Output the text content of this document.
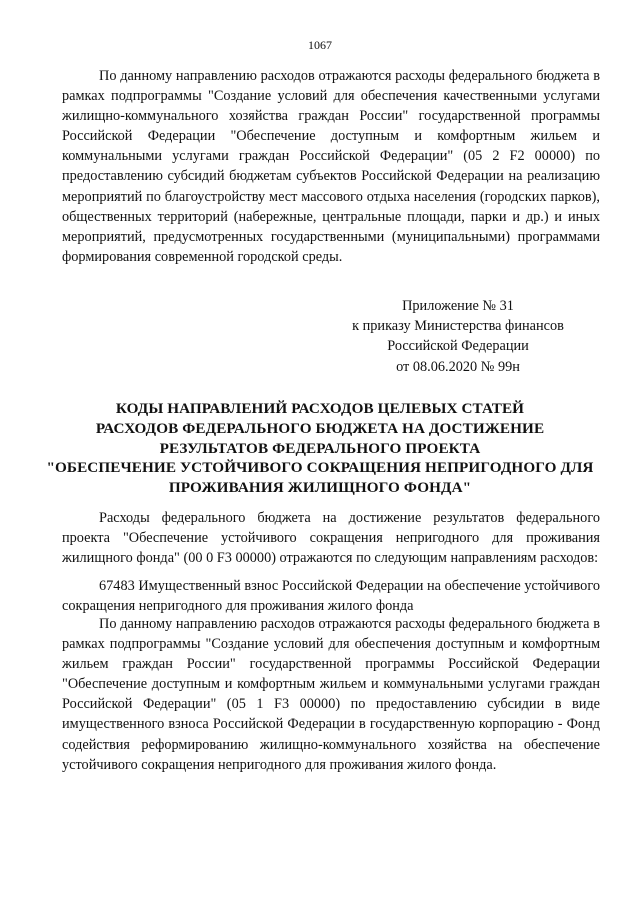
1067

По данному направлению расходов отражаются расходы федерального бюджета в рамках подпрограммы "Создание условий для обеспечения качественными услугами жилищно-коммунального хозяйства граждан России" государственной программы Российской Федерации "Обеспечение доступным и комфортным жильем и коммунальными услугами граждан Российской Федерации" (05 2 F2 00000) по предоставлению субсидий бюджетам субъектов Российской Федерации на реализацию мероприятий по благоустройству мест массового отдыха населения (городских парков), общественных территорий (набережные, центральные площади, парки и др.) и иных мероприятий, предусмотренных государственными (муниципальными) программами формирования современной городской среды.

Приложение № 31
к приказу Министерства финансов
Российской Федерации
от 08.06.2020 № 99н
КОДЫ НАПРАВЛЕНИЙ РАСХОДОВ ЦЕЛЕВЫХ СТАТЕЙ
РАСХОДОВ ФЕДЕРАЛЬНОГО БЮДЖЕТА НА ДОСТИЖЕНИЕ
РЕЗУЛЬТАТОВ ФЕДЕРАЛЬНОГО ПРОЕКТА
"ОБЕСПЕЧЕНИЕ УСТОЙЧИВОГО СОКРАЩЕНИЯ НЕПРИГОДНОГО ДЛЯ
ПРОЖИВАНИЯ ЖИЛИЩНОГО ФОНДА"

Расходы федерального бюджета на достижение результатов федерального проекта "Обеспечение устойчивого сокращения непригодного для проживания жилищного фонда" (00 0 F3 00000) отражаются по следующим направлениям расходов:

67483 Имущественный взнос Российской Федерации на обеспечение устойчивого сокращения непригодного для проживания жилого фонда

По данному направлению расходов отражаются расходы федерального бюджета в рамках подпрограммы "Создание условий для обеспечения доступным и комфортным жильем граждан России" государственной программы Российской Федерации "Обеспечение доступным и комфортным жильем и коммунальными услугами граждан Российской Федерации" (05 1 F3 00000) по предоставлению субсидии в виде имущественного взноса Российской Федерации в государственную корпорацию - Фонд содействия реформированию жилищно-коммунального хозяйства на обеспечение устойчивого сокращения непригодного для проживания жилого фонда.
